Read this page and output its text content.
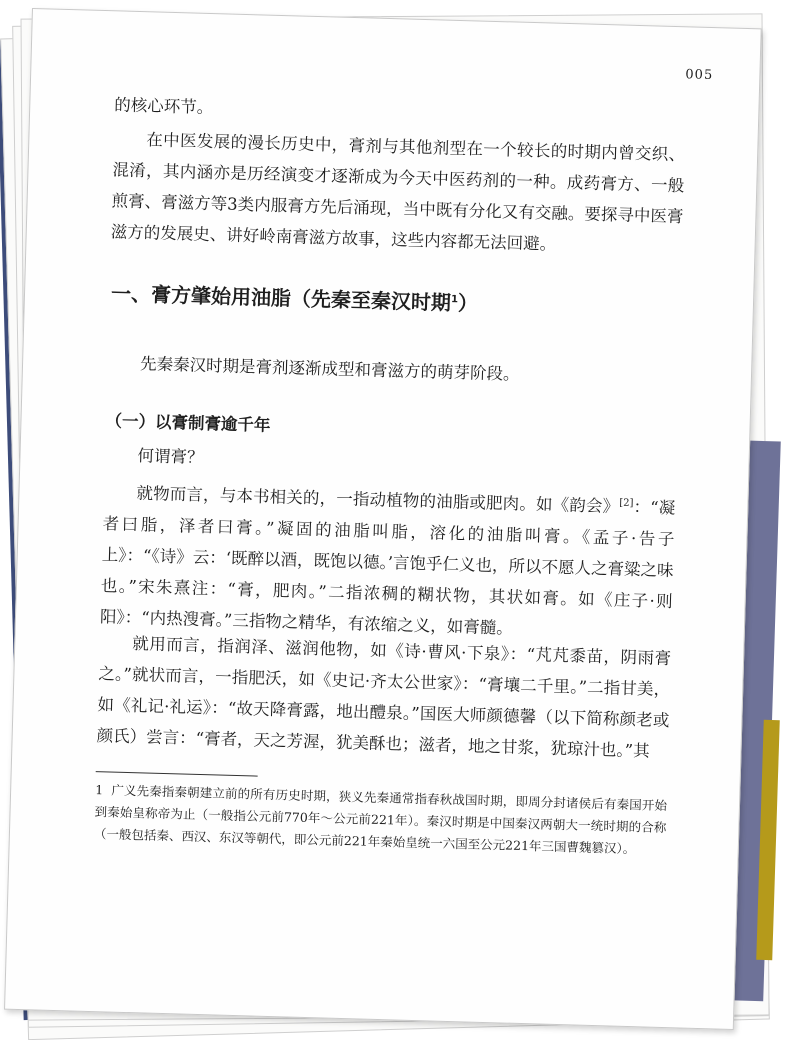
005
的核心环节。
在中医发展的漫长历史中，膏剂与其他剂型在一个较长的时期内曾交织、混淆，其内涵亦是历经演变才逐渐成为今天中医药剂的一种。成药膏方、一般煎膏、膏滋方等3类内服膏方先后涌现，当中既有分化又有交融。要探寻中医膏滋方的发展史、讲好岭南膏滋方故事，这些内容都无法回避。
一、膏方肇始用油脂（先秦至秦汉时期$^1$）
先秦秦汉时期是膏剂逐渐成型和膏滋方的萌芽阶段。
（一）以膏制膏逾千年
何谓膏？
就物而言，与本书相关的，一指动植物的油脂或肥肉。如《韵会》[2]：“凝者曰脂，泽者曰膏。”凝固的油脂叫脂，溶化的油脂叫膏。《孟子·告子上》：“《诗》云：‘既醉以酒，既饱以德。’言饱乎仁义也，所以不愿人之膏粱之味也。”宋朱熹注：“膏，肥肉。”二指浓稠的糊状物，其状如膏。如《庄子·则阳》：“内热溲膏。”三指物之精华，有浓缩之义，如膏髓。
就用而言，指润泽、滋润他物，如《诗·曹风·下泉》：“芃芃黍苗，阴雨膏之。”就状而言，一指肥沃，如《史记·齐太公世家》：“膏壤二千里。”二指甘美，如《礼记·礼运》：“故天降膏露，地出醴泉。”国医大师颜德馨（以下简称颜老或颜氏）尝言：“膏者，天之芳渥，犹美酥也；滋者，地之甘浆，犹琼汁也。”其
1 广义先秦指秦朝建立前的所有历史时期，狭义先秦通常指春秋战国时期，即周分封诸侯后有秦国开始到秦始皇称帝为止（一般指公元前770年～公元前221年）。秦汉时期是中国秦汉两朝大一统时期的合称（一般包括秦、西汉、东汉等朝代，即公元前221年秦始皇统一六国至公元221年三国曹魏篡汉）。
